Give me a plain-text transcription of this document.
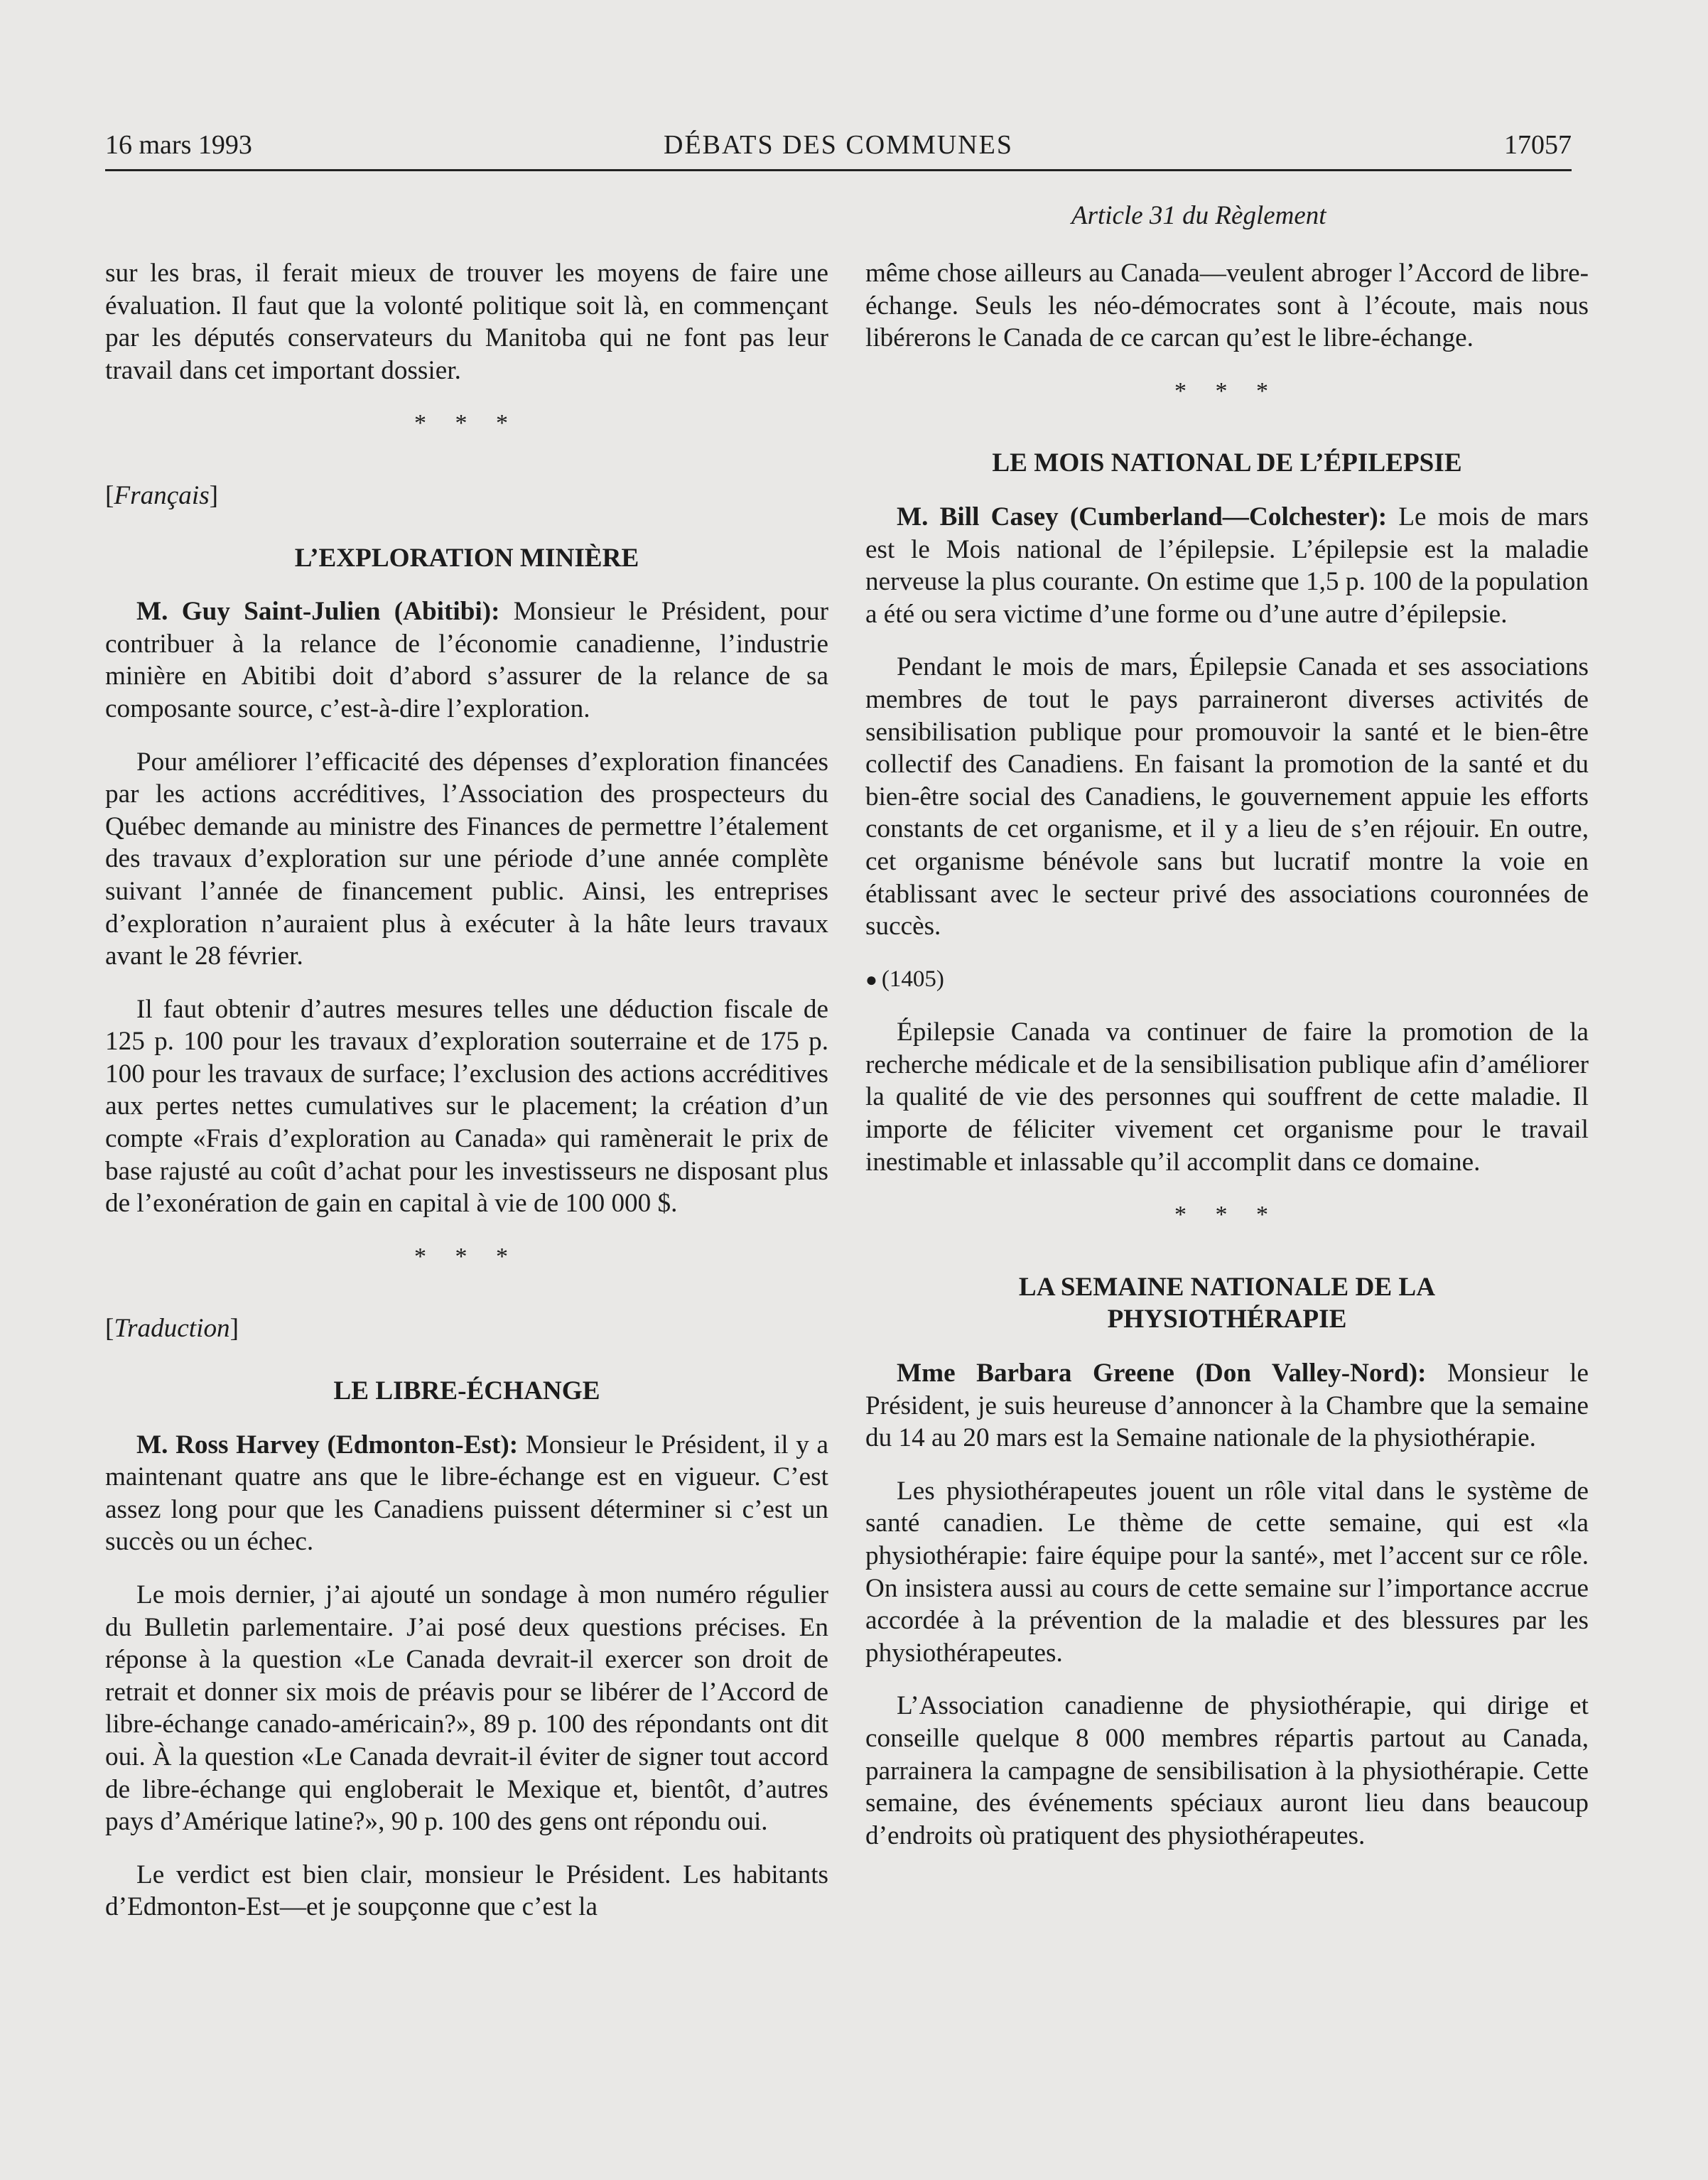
DÉBATS DES COMMUNES
16 mars 1993	17057
Article 31 du Règlement

sur les bras, il ferait mieux de trouver les moyens de faire une évaluation. Il faut que la volonté politique soit là, en commençant par les députés conservateurs du Manitoba qui ne font pas leur travail dans cet important dossier.

* * *
[Français]
L’EXPLORATION MINIÈRE

M. Guy Saint-Julien (Abitibi): Monsieur le Président, pour contribuer à la relance de l’économie canadienne, l’industrie minière en Abitibi doit d’abord s’assurer de la relance de sa composante source, c’est-à-dire l’exploration.

Pour améliorer l’efficacité des dépenses d’exploration financées par les actions accréditives, l’Association des prospecteurs du Québec demande au ministre des Finances de permettre l’étalement des travaux d’exploration sur une période d’une année complète suivant l’année de financement public. Ainsi, les entreprises d’exploration n’auraient plus à exécuter à la hâte leurs travaux avant le 28 février.

Il faut obtenir d’autres mesures telles une déduction fiscale de 125 p. 100 pour les travaux d’exploration souterraine et de 175 p. 100 pour les travaux de surface; l’exclusion des actions accréditives aux pertes nettes cumulatives sur le placement; la création d’un compte «Frais d’exploration au Canada» qui ramènerait le prix de base rajusté au coût d’achat pour les investisseurs ne disposant plus de l’exonération de gain en capital à vie de 100 000 $.

* * *
[Traduction]
LE LIBRE-ÉCHANGE

M. Ross Harvey (Edmonton-Est): Monsieur le Président, il y a maintenant quatre ans que le libre-échange est en vigueur. C’est assez long pour que les Canadiens puissent déterminer si c’est un succès ou un échec.

Le mois dernier, j’ai ajouté un sondage à mon numéro régulier du Bulletin parlementaire. J’ai posé deux questions précises. En réponse à la question «Le Canada devrait-il exercer son droit de retrait et donner six mois de préavis pour se libérer de l’Accord de libre-échange canado-américain?», 89 p. 100 des répondants ont dit oui. À la question «Le Canada devrait-il éviter de signer tout accord de libre-échange qui engloberait le Mexique et, bientôt, d’autres pays d’Amérique latine?», 90 p. 100 des gens ont répondu oui.

Le verdict est bien clair, monsieur le Président. Les habitants d’Edmonton-Est—et je soupçonne que c’est la

même chose ailleurs au Canada—veulent abroger l’Accord de libre-échange. Seuls les néo-démocrates sont à l’écoute, mais nous libérerons le Canada de ce carcan qu’est le libre-échange.

* * *
LE MOIS NATIONAL DE L’ÉPILEPSIE

M. Bill Casey (Cumberland—Colchester): Le mois de mars est le Mois national de l’épilepsie. L’épilepsie est la maladie nerveuse la plus courante. On estime que 1,5 p. 100 de la population a été ou sera victime d’une forme ou d’une autre d’épilepsie.

Pendant le mois de mars, Épilepsie Canada et ses associations membres de tout le pays parraineront diverses activités de sensibilisation publique pour promouvoir la santé et le bien-être collectif des Canadiens. En faisant la promotion de la santé et du bien-être social des Canadiens, le gouvernement appuie les efforts constants de cet organisme, et il y a lieu de s’en réjouir. En outre, cet organisme bénévole sans but lucratif montre la voie en établissant avec le secteur privé des associations couronnées de succès.

● (1405)

Épilepsie Canada va continuer de faire la promotion de la recherche médicale et de la sensibilisation publique afin d’améliorer la qualité de vie des personnes qui souffrent de cette maladie. Il importe de féliciter vivement cet organisme pour le travail inestimable et inlassable qu’il accomplit dans ce domaine.

* * *
LA SEMAINE NATIONALE DE LA
PHYSIOTHÉRAPIE

Mme Barbara Greene (Don Valley-Nord): Monsieur le Président, je suis heureuse d’annoncer à la Chambre que la semaine du 14 au 20 mars est la Semaine nationale de la physiothérapie.

Les physiothérapeutes jouent un rôle vital dans le système de santé canadien. Le thème de cette semaine, qui est «la physiothérapie: faire équipe pour la santé», met l’accent sur ce rôle. On insistera aussi au cours de cette semaine sur l’importance accrue accordée à la prévention de la maladie et des blessures par les physiothérapeutes.

L’Association canadienne de physiothérapie, qui dirige et conseille quelque 8 000 membres répartis partout au Canada, parrainera la campagne de sensibilisation à la physiothérapie. Cette semaine, des événements spéciaux auront lieu dans beaucoup d’endroits où pratiquent des physiothérapeutes.
